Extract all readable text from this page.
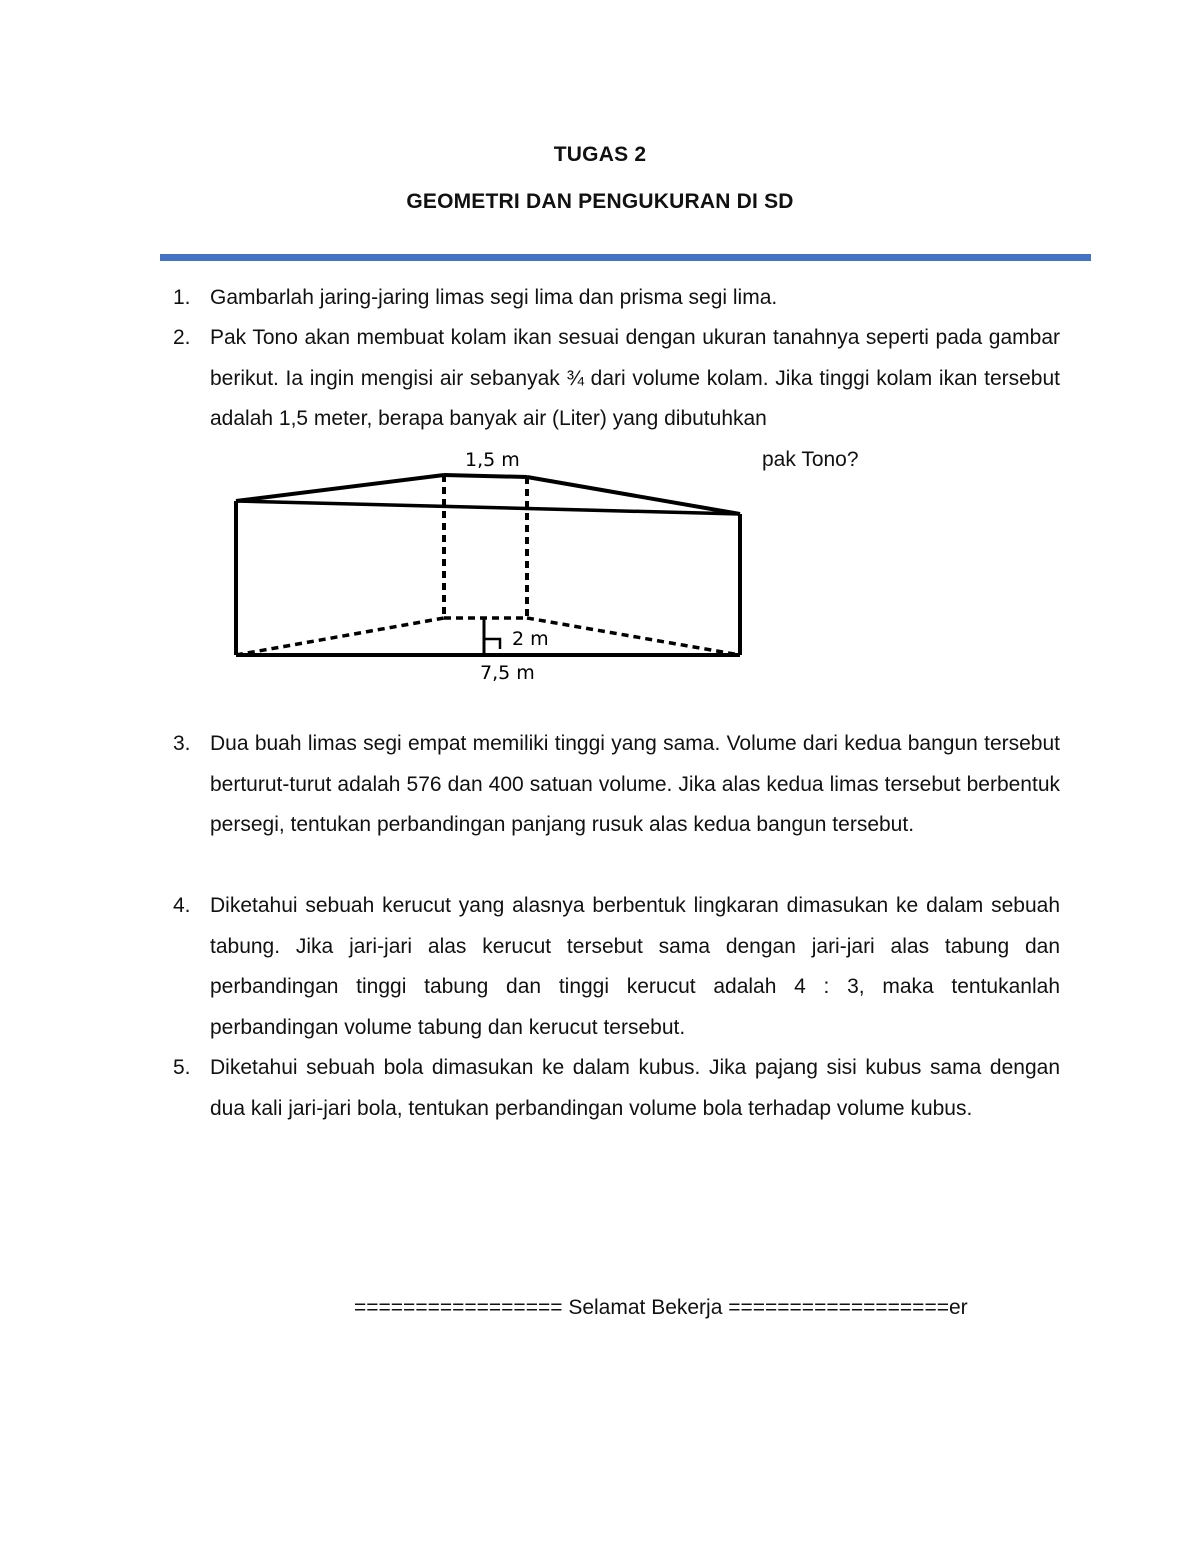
TUGAS 2
GEOMETRI DAN PENGUKURAN DI SD
1. Gambarlah jaring-jaring limas segi lima dan prisma segi lima.

2. Pak Tono akan membuat kolam ikan sesuai dengan ukuran tanahnya seperti pada gambar berikut. Ia ingin mengisi air sebanyak ¾ dari volume kolam. Jika tinggi kolam ikan tersebut adalah 1,5 meter, berapa banyak air (Liter) yang dibutuhkan

pak Tono?
1,5 m
2 m
7,5 m
3. Dua buah limas segi empat memiliki tinggi yang sama. Volume dari kedua bangun tersebut berturut-turut adalah 576 dan 400 satuan volume. Jika alas kedua limas tersebut berbentuk persegi, tentukan perbandingan panjang rusuk alas kedua bangun tersebut.

4. Diketahui sebuah kerucut yang alasnya berbentuk lingkaran dimasukan ke dalam sebuah tabung. Jika jari-jari alas kerucut tersebut sama dengan jari-jari alas tabung dan perbandingan tinggi tabung dan tinggi kerucut adalah 4 : 3, maka tentukanlah perbandingan volume tabung dan kerucut tersebut.

5. Diketahui sebuah bola dimasukan ke dalam kubus. Jika pajang sisi kubus sama dengan dua kali jari-jari bola, tentukan perbandingan volume bola terhadap volume kubus.

================= Selamat Bekerja ==================er
